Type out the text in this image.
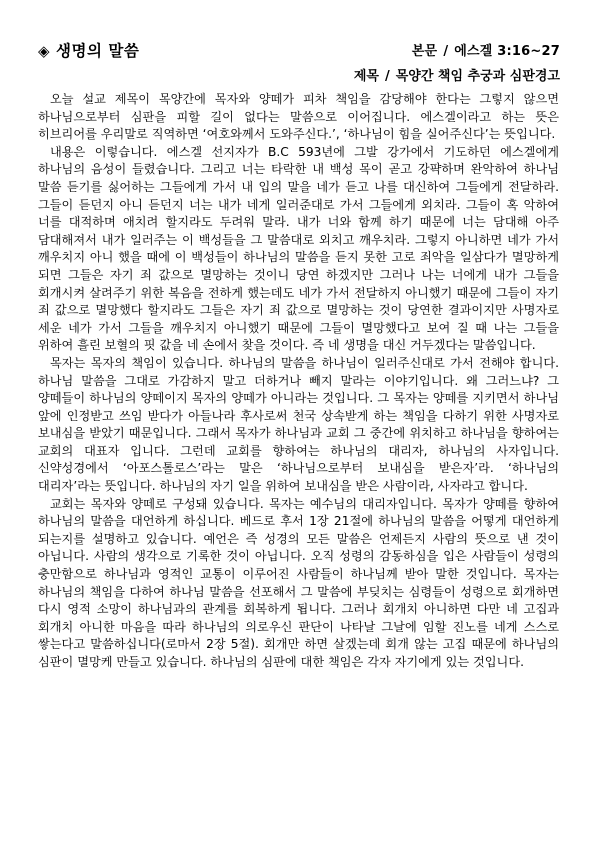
◈ 생명의 말씀	본문 / 에스겔 3:16~27
제목 / 목양간 책임 추궁과 심판경고

오늘 설교 제목이 목양간에 목자와 양떼가 피차 책임을 감당해야 한다는 그렇지 않으면 하나님으로부터 심판을 피할 길이 없다는 말씀으로 이어집니다. 에스겔이라고 하는 뜻은 히브리어를 우리말로 직역하면 ‘여호와께서 도와주신다.’, ‘하나님이 힘을 실어주신다’는 뜻입니다.

내용은 이렇습니다. 에스겔 선지자가 B.C 593년에 그발 강가에서 기도하던 에스겔에게 하나님의 음성이 들렸습니다. 그리고 너는 타락한 내 백성 목이 곧고 강퍅하며 완악하여 하나님 말씀 듣기를 싫어하는 그들에게 가서 내 입의 말을 네가 듣고 나를 대신하여 그들에게 전달하라. 그들이 듣던지 아니 듣던지 너는 내가 네게 일러준대로 가서 그들에게 외치라. 그들이 혹 악하여 너를 대적하며 애치려 할지라도 두려워 말라. 내가 너와 함께 하기 때문에 너는 담대해 아주 담대해져서 내가 일러주는 이 백성들을 그 말씀대로 외치고 깨우치라. 그렇지 아니하면 네가 가서 깨우치지 아니 했을 때에 이 백성들이 하나님의 말씀을 듣지 못한 고로 죄악을 일삼다가 멸망하게 되면 그들은 자기 죄 값으로 멸망하는 것이니 당연 하겠지만 그러나 나는 너에게 내가 그들을 회개시켜 살려주기 위한 복음을 전하게 했는데도 네가 가서 전달하지 아니했기 때문에 그들이 자기 죄 값으로 멸망했다 할지라도 그들은 자기 죄 값으로 멸망하는 것이 당연한 결과이지만 사명자로 세운 네가 가서 그들을 깨우치지 아니했기 때문에 그들이 멸망했다고 보여 질 때 나는 그들을 위하여 흘린 보혈의 핏 값을 네 손에서 찾을 것이다. 즉 네 생명을 대신 거두겠다는 말씀입니다.

목자는 목자의 책임이 있습니다. 하나님의 말씀을 하나님이 일러주신대로 가서 전해야 합니다. 하나님 말씀을 그대로 가감하지 말고 더하거나 빼지 말라는 이야기입니다. 왜 그러느냐? 그 양떼들이 하나님의 양떼이지 목자의 양떼가 아니라는 것입니다. 그 목자는 양떼를 지키면서 하나님 앞에 인정받고 쓰임 받다가 아들나라 후사로써 천국 상속받게 하는 책임을 다하기 위한 사명자로 보내심을 받았기 때문입니다. 그래서 목자가 하나님과 교회 그 중간에 위치하고 하나님을 향하여는 교회의 대표자 입니다. 그런데 교회를 향하여는 하나님의 대리자, 하나님의 사자입니다. 신약성경에서 ‘아포스톨로스’라는 말은 ‘하나님으로부터 보내심을 받은자’라. ‘하나님의 대리자’라는 뜻입니다. 하나님의 자기 일을 위하여 보내심을 받은 사람이라, 사자라고 합니다.

교회는 목자와 양떼로 구성돼 있습니다. 목자는 예수님의 대리자입니다. 목자가 양떼를 향하여 하나님의 말씀을 대언하게 하십니다. 베드로 후서 1장 21절에 하나님의 말씀을 어떻게 대언하게 되는지를 설명하고 있습니다. 예언은 즉 성경의 모든 말씀은 언제든지 사람의 뜻으로 낸 것이 아닙니다. 사람의 생각으로 기록한 것이 아닙니다. 오직 성령의 감동하심을 입은 사람들이 성령의 충만함으로 하나님과 영적인 교통이 이루어진 사람들이 하나님께 받아 말한 것입니다. 목자는 하나님의 책임을 다하여 하나님 말씀을 선포해서 그 말씀에 부딪치는 심령들이 성령으로 회개하면 다시 영적 소망이 하나님과의 관계를 회복하게 됩니다. 그러나 회개치 아니하면 다만 네 고집과 회개치 아니한 마음을 따라 하나님의 의로우신 판단이 나타날 그날에 임할 진노를 네게 스스로 쌓는다고 말씀하십니다(로마서 2장 5절). 회개만 하면 살겠는데 회개 않는 고집 때문에 하나님의 심판이 멸망케 만들고 있습니다. 하나님의 심판에 대한 책임은 각자 자기에게 있는 것입니다.
